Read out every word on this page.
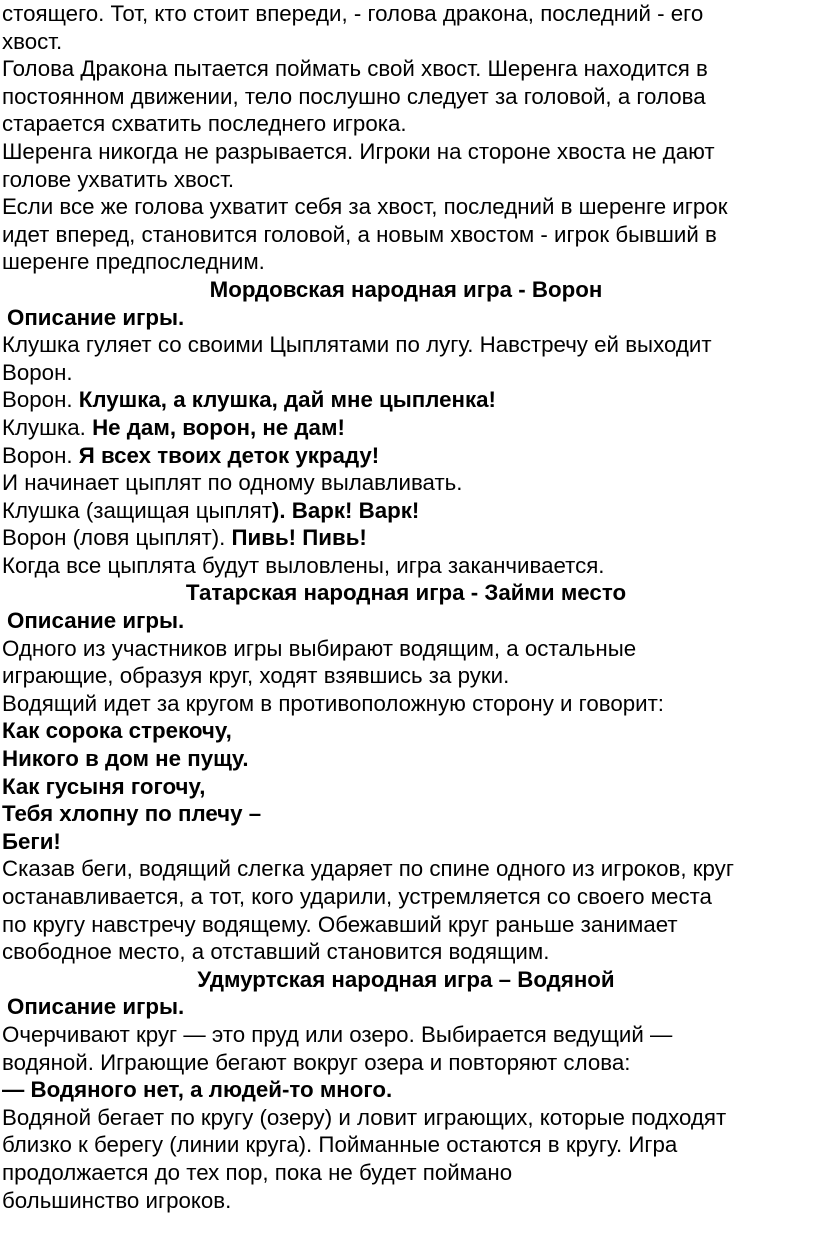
стоящего. Тот, кто стоит впереди, - голова дракона, последний - его
хвост.
Голова Дракона пытается поймать свой хвост. Шеренга находится в
постоянном движении, тело послушно следует за головой, а голова
старается схватить последнего игрока.
Шеренга никогда не разрывается. Игроки на стороне хвоста не дают
голове ухватить хвост.
Если все же голова ухватит себя за хвост, последний в шеренге игрок
идет вперед, становится головой, а новым хвостом - игрок бывший в
шеренге предпоследним.
Мордовская народная игра - Ворон
Описание игры.
Клушка гуляет со своими Цыплятами по лугу. Навстречу ей выходит
Ворон.
Ворон. Клушка, а клушка, дай мне цыпленка!
Клушка. Не дам, ворон, не дам!
Ворон. Я всех твоих деток украду!
И начинает цыплят по одному вылавливать.
Клушка (защищая цыплят). Варк! Варк!
Ворон (ловя цыплят). Пивь! Пивь!
Когда все цыплята будут выловлены, игра заканчивается.
Татарская народная игра - Займи место
Описание игры.
Одного из участников игры выбирают водящим, а остальные
играющие, образуя круг, ходят взявшись за руки.
Водящий идет за кругом в противоположную сторону и говорит:
Как сорока стрекочу,
Никого в дом не пущу.
Как гусыня гогочу,
Тебя хлопну по плечу –
Беги!
Сказав беги, водящий слегка ударяет по спине одного из игроков, круг
останавливается, а тот, кого ударили, устремляется со своего места
по кругу навстречу водящему. Обежавший круг раньше занимает
свободное место, а отставший становится водящим.
Удмуртская народная игра – Водяной
Описание игры.
Очерчивают круг — это пруд или озеро. Выбирается ведущий —
водяной. Играющие бегают вокруг озера и повторяют слова:
— Водяного нет, а людей-то много.
Водяной бегает по кругу (озеру) и ловит играющих, которые подходят
близко к берегу (линии круга). Пойманные остаются в кругу. Игра
продолжается до тех пор, пока не будет поймано
большинство игроков.
